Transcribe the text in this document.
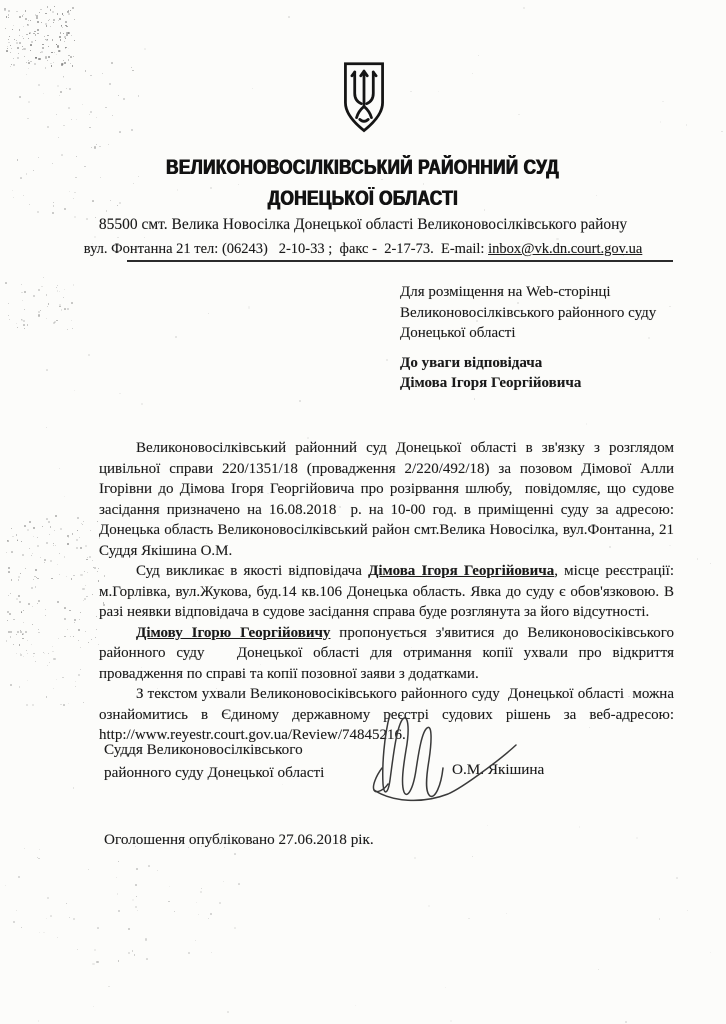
ВЕЛИКОНОВОСІЛКІВСЬКИЙ РАЙОННИЙ СУД
ДОНЕЦЬКОЇ ОБЛАСТІ
85500 смт. Велика Новосілка Донецької області Великоновосілківського району
вул. Фонтанна 21 тел: (06243)   2-10-33 ;  факс -  2-17-73.  E-mail: inbox@vk.dn.court.gov.ua
Для розміщення на Web-сторінці
Великоновосілківського районного суду
Донецької області
До уваги відповідача
Дімова Ігоря Георгійовича

Великоновосілківський районний суд Донецької області в зв'язку з розглядом цивільної справи 220/1351/18 (провадження 2/220/492/18) за позовом Дімової Алли Ігорівни до Дімова Ігоря Георгійовича про розірвання шлюбу,  повідомляє, що судове засідання призначено на 16.08.2018  р. на 10-00 год. в приміщенні суду за адресою: Донецька область Великоновосілківський район смт.Велика Новосілка, вул.Фонтанна, 21 Суддя Якішина О.М.

Суд викликає в якості відповідача Дімова Ігоря Георгійовича, місце реєстрації: м.Горлівка, вул.Жукова, буд.14 кв.106 Донецька область. Явка до суду є обов'язковою. В разі неявки відповідача в судове засідання справа буде розглянута за його відсутності.

Дімову Ігорю Георгійовичу пропонується з'явитися до Великоновосіківського районного суду   Донецької області для отримання копії ухвали про відкриття провадження по справі та копії позовної заяви з додатками.

З текстом ухвали Великоновосіківського районного суду  Донецької області  можна ознайомитись в Єдиному державному реєстрі судових рішень за веб-адресою: http://www.reyestr.court.gov.ua/Review/74845216.

Суддя Великоновосілківського
районного суду Донецької області	О.М. Якішина
Оголошення опубліковано 27.06.2018 рік.
